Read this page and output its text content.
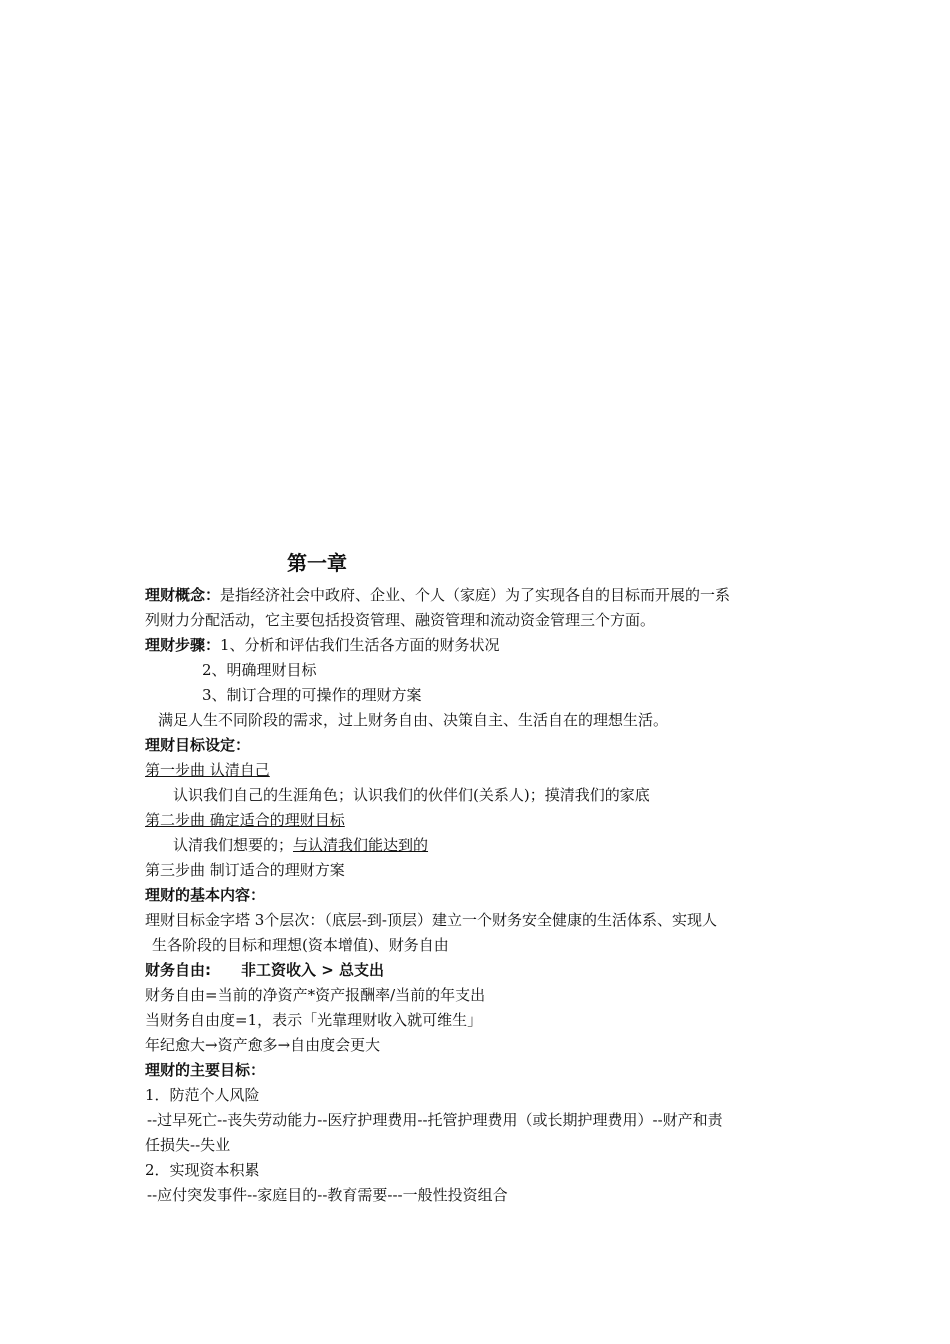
第一章
理财概念：是指经济社会中政府、企业、个人（家庭）为了实现各自的目标而开展的一系
列财力分配活动，它主要包括投资管理、融资管理和流动资金管理三个方面。
理财步骤：1、分析和评估我们生活各方面的财务状况
2、明确理财目标
3、制订合理的可操作的理财方案
满足人生不同阶段的需求，过上财务自由、决策自主、生活自在的理想生活。
理财目标设定：
第一步曲 认清自己
认识我们自己的生涯角色；认识我们的伙伴们(关系人)；摸清我们的家底
第二步曲 确定适合的理财目标
认清我们想要的；与认清我们能达到的
第三步曲 制订适合的理财方案
理财的基本内容：
理财目标金字塔 3个层次：（底层-到-顶层）建立一个财务安全健康的生活体系、实现人
生各阶段的目标和理想(资本增值)、财务自由
财务自由: 非工资收入 > 总支出
财务自由=当前的净资产*资产报酬率/当前的年支出
当财务自由度=1，表示「光靠理财收入就可维生」
年纪愈大→资产愈多→自由度会更大
理财的主要目标：
1．防范个人风险
--过早死亡--丧失劳动能力--医疗护理费用--托管护理费用（或长期护理费用）--财产和责
任损失--失业
2．实现资本积累
--应付突发事件--家庭目的--教育需要---一般性投资组合
